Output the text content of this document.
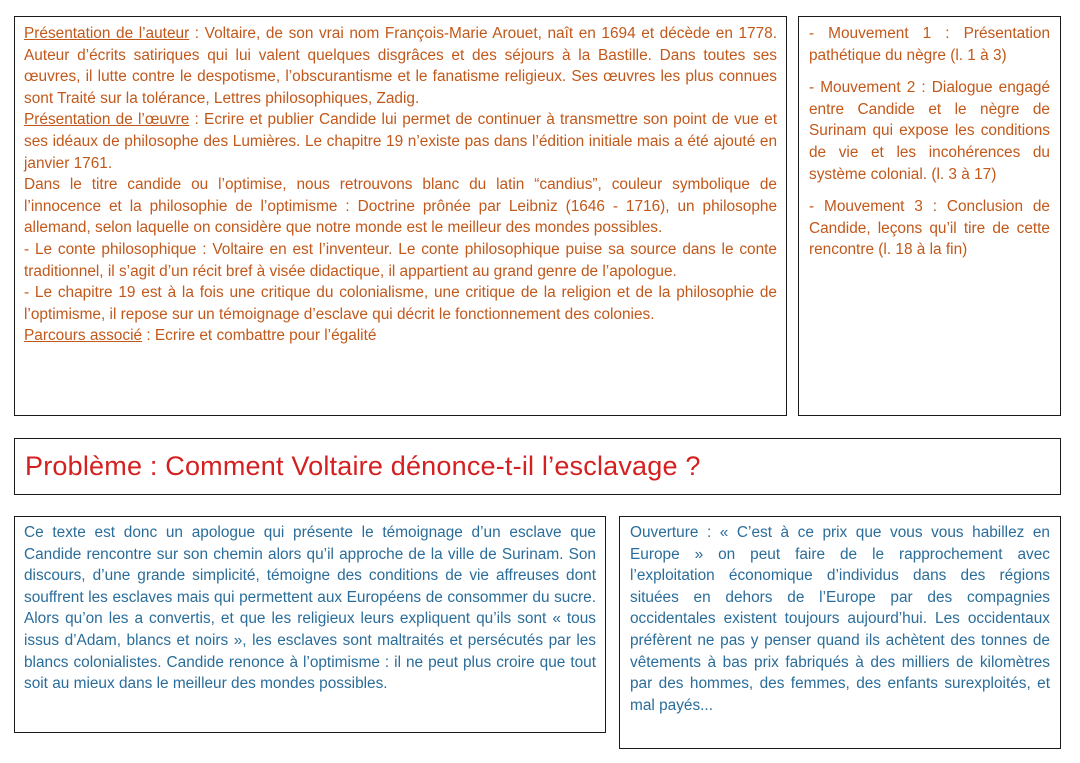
Présentation de l’auteur : Voltaire, de son vrai nom François-Marie Arouet, naît en 1694 et décède en 1778. Auteur d’écrits satiriques qui lui valent quelques disgrâces et des séjours à la Bastille. Dans toutes ses œuvres, il lutte contre le despotisme, l’obscurantisme et le fanatisme religieux. Ses œuvres les plus connues sont Traité sur la tolérance, Lettres philosophiques, Zadig.

Présentation de l’œuvre : Ecrire et publier Candide lui permet de continuer à transmettre son point de vue et ses idéaux de philosophe des Lumières. Le chapitre 19 n’existe pas dans l’édition initiale mais a été ajouté en janvier 1761.

Dans le titre candide ou l’optimise, nous retrouvons blanc du latin “candius”, couleur symbolique de l’innocence et la philosophie de l’optimisme : Doctrine prônée par Leibniz (1646 - 1716), un philosophe allemand, selon laquelle on considère que notre monde est le meilleur des mondes possibles.

- Le conte philosophique : Voltaire en est l’inventeur. Le conte philosophique puise sa source dans le conte traditionnel, il s’agit d’un récit bref à visée didactique, il appartient au grand genre de l’apologue.

- Le chapitre 19 est à la fois une critique du colonialisme, une critique de la religion et de la philosophie de l’optimisme, il repose sur un témoignage d’esclave qui décrit le fonctionnement des colonies.

Parcours associé : Ecrire et combattre pour l’égalité

- Mouvement 1 : Présentation pathétique du nègre (l. 1 à 3)

- Mouvement 2 : Dialogue engagé entre Candide et le nègre de Surinam qui expose les conditions de vie et les incohérences du système colonial. (l. 3 à 17)

- Mouvement 3 : Conclusion de Candide, leçons qu’il tire de cette rencontre (l. 18 à la fin)

Problème : Comment Voltaire dénonce-t-il l’esclavage ?

Ce texte est donc un apologue qui présente le témoignage d’un esclave que Candide rencontre sur son chemin alors qu’il approche de la ville de Surinam. Son discours, d’une grande simplicité, témoigne des conditions de vie affreuses dont souffrent les esclaves mais qui permettent aux Européens de consommer du sucre. Alors qu’on les a convertis, et que les religieux leurs expliquent qu’ils sont « tous issus d’Adam, blancs et noirs », les esclaves sont maltraités et persécutés par les blancs colonialistes. Candide renonce à l’optimisme : il ne peut plus croire que tout soit au mieux dans le meilleur des mondes possibles.

Ouverture : « C’est à ce prix que vous vous habillez en Europe » on peut faire de le rapprochement avec l’exploitation économique d’individus dans des régions situées en dehors de l’Europe par des compagnies occidentales existent toujours aujourd’hui. Les occidentaux préfèrent ne pas y penser quand ils achètent des tonnes de vêtements à bas prix fabriqués à des milliers de kilomètres par des hommes, des femmes, des enfants surexploités, et mal payés...
